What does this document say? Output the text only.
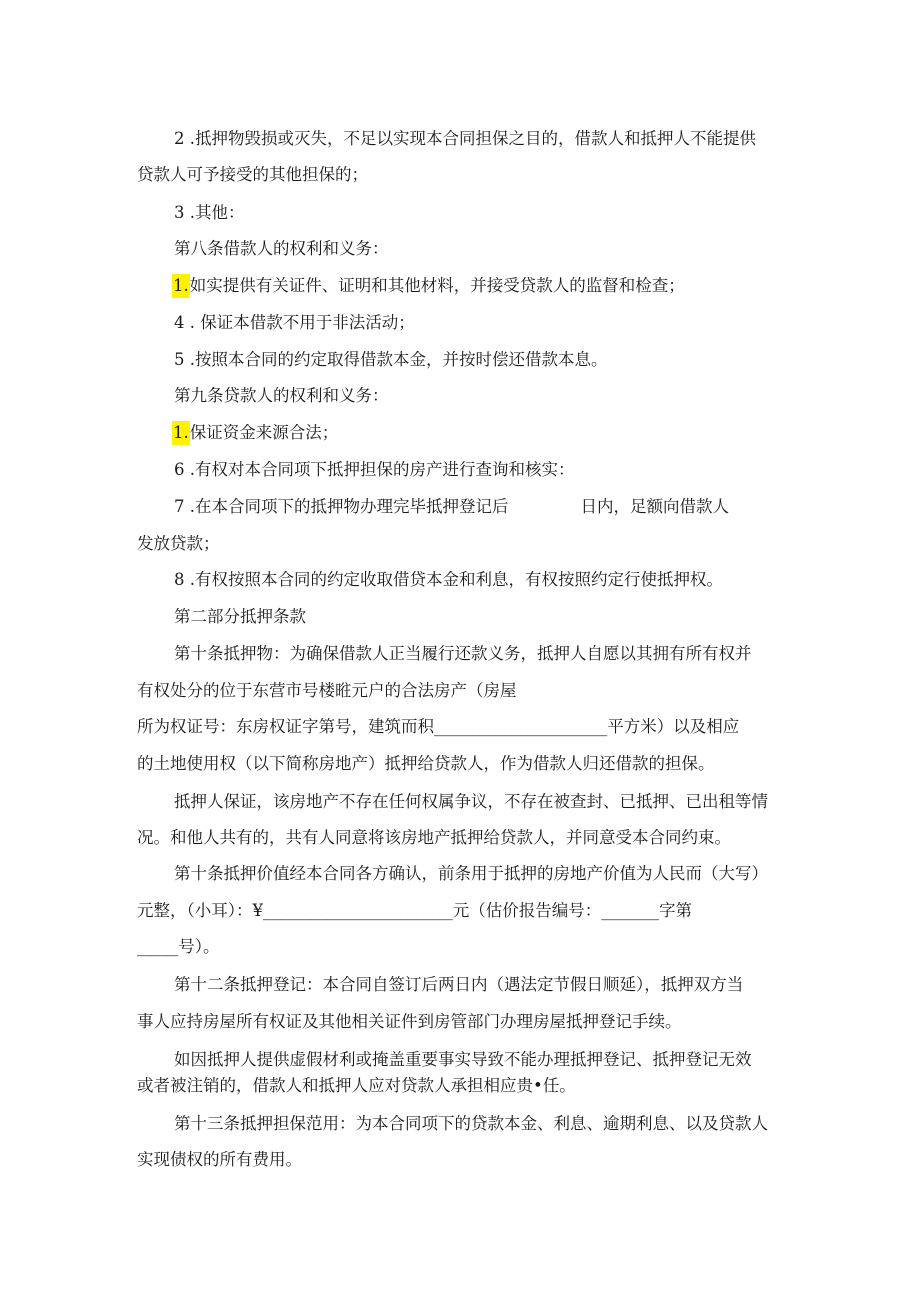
2 .抵押物毁损或灭失，不足以实现本合同担保之目的，借款人和抵押人不能提供
贷款人可予接受的其他担保的；
3 .其他：
第八条借款人的权利和义务：
4 . 保证本借款不用于非法活动；
5 .按照本合同的约定取得借款本金，并按时偿还借款本息。
第九条贷款人的权利和义务：
6 .有权对本合同项下抵押担保的房产进行查询和核实：
发放贷款；
8 .有权按照本合同的约定收取借贷本金和利息，有权按照约定行使抵押权。
第二部分抵押条款
第十条抵押物：为确保借款人正当履行还款义务，抵押人自愿以其拥有所有权并
有权处分的位于东营市号楼暀元户的合法房产（房屋
所为权证号：东房权证字第号，建筑而积_____________________平方米）以及相应
的土地使用权（以下简称房地产）抵押给贷款人，作为借款人归还借款的担保。
抵押人保证，该房地产不存在任何权属争议，不存在被查封、已抵押、已出租等情
况。和他人共有的，共有人同意将该房地产抵押给贷款人，并同意受本合同约束。
第十条抵押价值经本合同各方确认，前条用于抵押的房地产价值为人民而（大写）
元整，（小耳）：¥_______________________元（估价报告编号：_______字第
_____号）。
第十二条抵押登记：本合同自签订后两日内（遇法定节假日顺延），抵押双方当
事人应持房屋所有权证及其他相关证件到房管部门办理房屋抵押登记手续。
如因抵押人提供虚假材利或掩盖重要事实导致不能办理抵押登记、抵押登记无效
或者被注销的，借款人和抵押人应对贷款人承担相应贵•任。
第十三条抵押担保范用：为本合同项下的贷款本金、利息、逾期利息、以及贷款人
实现债权的所有费用。
1.如实提供有关证件、证明和其他材料，并接受贷款人的监督和检查；
1.保证资金来源合法；
7 .在本合同项下的抵押物办理完毕抵押登记后	日内，足额向借款人
